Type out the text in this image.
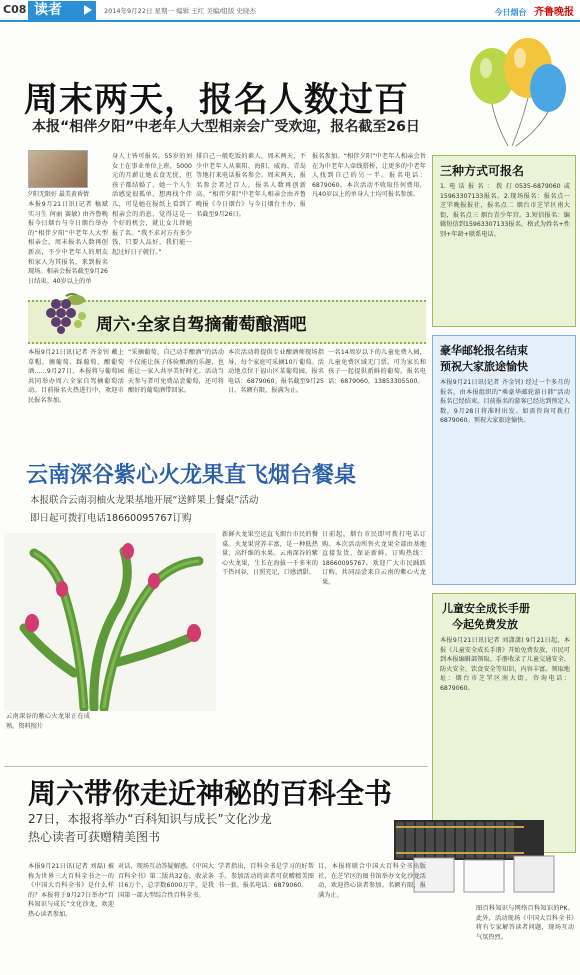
C08 读者	2014年9月22日 星期一 编辑 王红 美编/组版 史晓杰	今日烟台 齐鲁晚报
周末两天，报名人数过百
本报“相伴夕阳”中老年人大型相亲会广受欢迎，报名截至26日
夕阳无限好 最美黄昏情
本报9月21日讯(记者 稿斌 实习生 何丽 赛敏) 由齐鲁晚报今日烟台与今日烟台举办的“相伴夕阳”中老年人大型相亲会，周末报名人数再创新高，不少中老年人的朋友和家人为其报名，来到报名现场。相亲会报名截至9月26日结束。40岁以上的单
身人士皆可报名。55岁的刘女士在事业单位上班，5000元的月薪让她衣食无忧，但孩子都结婚了，她一个人生活感觉很孤单，想再找个伴儿，可是她在报纸上看到了相亲会的消息，觉得这是一个好的机会，就让女儿替她报了名。“我不求对方有多少钱，只要人品好，我们能一起过好日子就行。”
排自己一般吃饭的素人，周末两天，不少中老年人从莱阳、海阳、威海、青岛等地打来电话报名参会。周末两天，报名参会者过百人，报名人数再创新高。“相伴夕阳”中老年人相亲会由齐鲁晚报《今日烟台》与今日烟台主办，报名截至9月26日。
报名参加。“相伴夕阳”中老年人相亲会旨在为中老年人牵线搭桥，让更多的中老年人找到自己的另一半。报名电话：6879060。本次活动不收取任何费用，凡40岁以上的单身人士均可报名参加。
三种方式可报名
1.电话报名：拨打0535-6879060或15963307133报名。2.现场报名：报名点一 芝罘晚报报社，报名点二 烟台市芝罘区南大街，报名点三 烟台青少年宫。3.短信报名：编辑短信到15963307133报名，格式为姓名+性别+年龄+联系电话。
周六·全家自驾摘葡萄酿酒吧
本报9月21日讯(记者 齐金钊 戴上草帽，摘葡萄、踩葡萄、酿葡萄酒……9月27日，本报将与葡萄园共同举办周六全家自驾摘葡萄活动。目前报名火热进行中，欢迎市民报名参加。
“采摘葡萄，自己动手酿酒”的活动不仅能让孩子体验酿酒的乐趣，也能让一家人共享美好时光。活动当天参与者可免费品尝葡萄，还可将酿好的葡萄酒带回家。
本次活动将提供专业酿酒师现场指导，每个家庭可采摘10斤葡萄。活动地点位于福山区某葡萄园，报名电话：6879060。报名截至9月25日，名额有限，报满为止。
一名14周岁以下的儿童免费入园，儿童免费区域无门票。可为家长和孩子一起提供新鲜的葡萄。报名电话：6879060，13853305500。
云南深谷紫心火龙果直飞烟台餐桌
本报联合云南羽柚火龙果基地开展“送鲜果上餐桌”活动
即日起可拨打电话18660095767订购
云南深谷的紫心火龙果正在成熟。资料照片
新鲜火龙果空运直飞烟台市民的餐桌。火龙果营养丰富，是一种低热量、高纤维的水果。云南深谷的紫心火龙果，生长在海拔一千多米的干热河谷，日照充足，口感清甜。
日前起，烟台市民即可拨打电话订购。本次活动所售火龙果全部由基地直接发货，保证新鲜。订购热线：18660095767。欢迎广大市民踊跃订购，共同品尝来自云南的紫心火龙果。
豪华邮轮报名结束
预祝大家旅途愉快
本报9月21日讯(记者 齐金钊) 经过一个多月的报名，由本报组织的“乘豪华邮轮游日韩”活动报名已经结束。目前报名的游客已经达到预定人数，9月28日将准时出发。如需咨询可拨打6879060。预祝大家旅途愉快。
儿童安全成长手册
今起免费发放
本报9月21日讯(记者 刘潇潇) 9月21日起，本报《儿童安全成长手册》开始免费发放，市民可到本报编辑部领取。手册收录了儿童交通安全、防火安全、饮食安全等知识，内容丰富。领取地址：烟台市芝罘区南大街，咨询电话：6879060。
周六带你走近神秘的百科全书
27日，本报将举办“百科知识与成长”文化沙龙
热心读者可获赠精美图书
本报9月21日讯(记者 刘磊) 被称为世界三大百科全书之一的《中国大百科全书》是什么样的？本报将于9月27日举办“百科知识与成长”文化沙龙，欢迎热心读者参加。
对话，现场互动答疑解惑。《中国大百科全书》第二版共32卷，收录条目6万个，总字数6000万字，是我国第一部大型综合性百科全书。
学者指出，百科全书是学习的好帮手。参加活动的读者可获赠精美图书一套。报名电话：6879060。
目，本报将联合中国大百科全书出版社，在芝罘区的图书馆举办文化沙龙活动，欢迎热心读者参加。名额有限，报满为止。
图百科知识与网络百科知识的PK。此外，活动现场《中国大百科全书》将有专家解答读者问题，现场互动气氛热烈。
